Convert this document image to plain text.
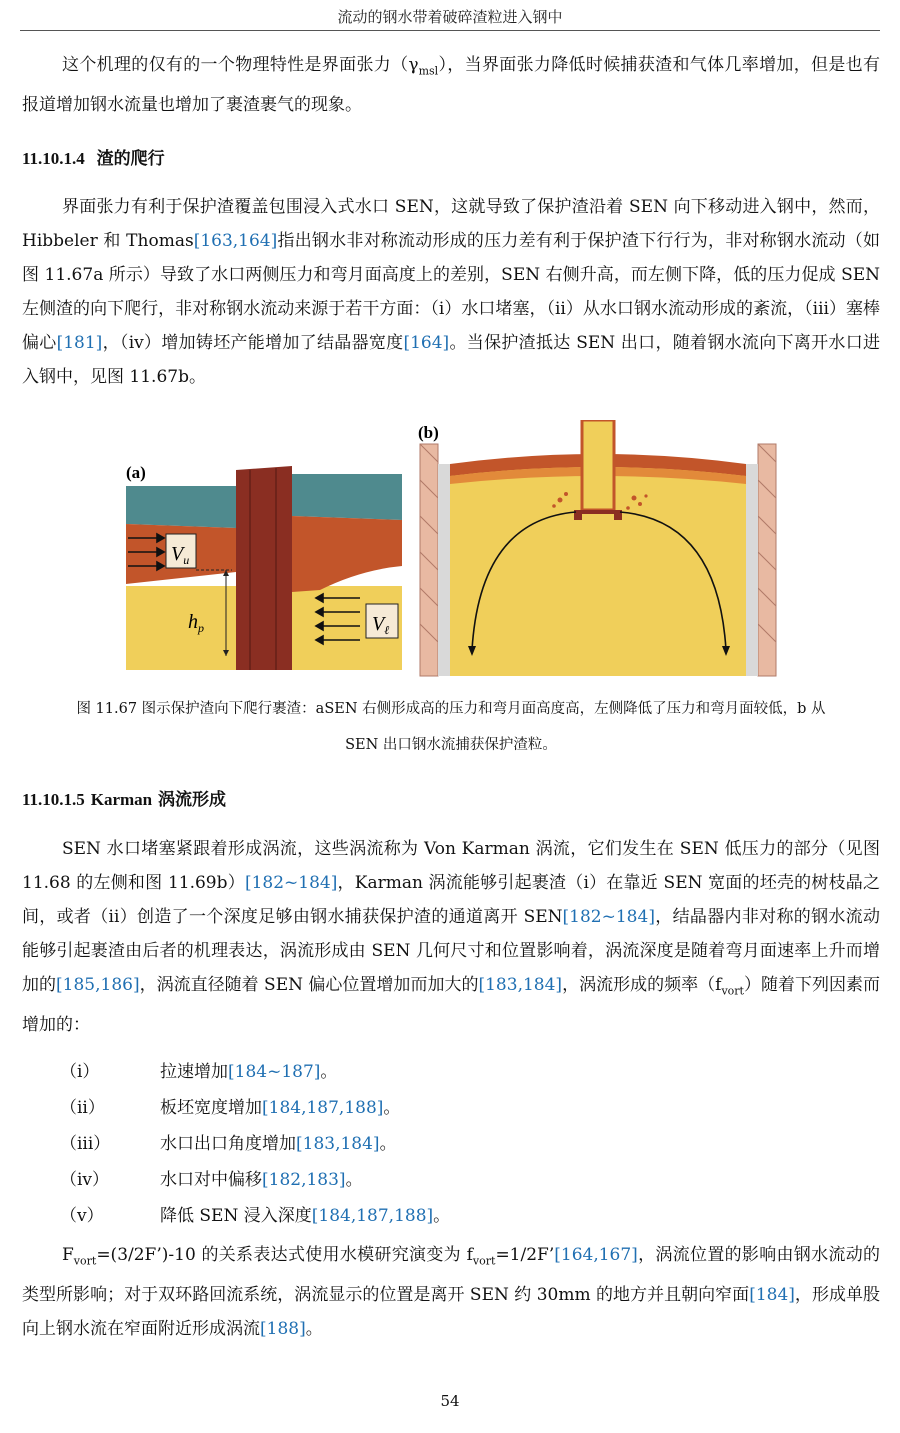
流动的钢水带着破碎渣粒进入钢中

这个机理的仅有的一个物理特性是界面张力$(\gamma_{msl})$，当界面张力降低时候捕获渣和气体几率增加，但是也有报道增加钢水流量也增加了裹渣裹气的现象。

11.10.1.4 渣的爬行

界面张力有利于保护渣覆盖包围浸入式水口 SEN，这就导致了保护渣沿着 SEN 向下移动进入钢中，然而，Hibbeler 和 Thomas[163,164]指出钢水非对称流动形成的压力差有利于保护渣下行行为，非对称钢水流动（如图 11.67a 所示）导致了水口两侧压力和弯月面高度上的差别，SEN 右侧升高，而左侧下降，低的压力促成 SEN 左侧渣的向下爬行，非对称钢水流动来源于若干方面：（i）水口堵塞，（ii）从水口钢水流动形成的紊流，（iii）塞棒偏心[181]，（iv）增加铸坯产能增加了结晶器宽度[164]。当保护渣抵达 SEN 出口，随着钢水流向下离开水口进入钢中，见图 11.67b。

(a)
$V_u$
$h_p$	$V_\ell$
(b)
图 11.67 图示保护渣向下爬行裹渣：aSEN 右侧形成高的压力和弯月面高度高，左侧降低了压力和弯月面较低，b 从
SEN 出口钢水流捕获保护渣粒。
11.10.1.5 Karman 涡流形成

SEN 水口堵塞紧跟着形成涡流，这些涡流称为 Von Karman 涡流，它们发生在 SEN 低压力的部分（见图 11.68 的左侧和图 11.69b）[182~184]，Karman 涡流能够引起裹渣（i）在靠近 SEN 宽面的坯壳的树枝晶之间，或者（ii）创造了一个深度足够由钢水捕获保护渣的通道离开 SEN[182~184]，结晶器内非对称的钢水流动能够引起裹渣由后者的机理表达，涡流形成由 SEN 几何尺寸和位置影响着，涡流深度是随着弯月面速率上升而增加的[185,186]，涡流直径随着 SEN 偏心位置增加而加大的[183,184]，涡流形成的频率$(f_{vort})$随着下列因素而增加的：

（i）	拉速增加[184~187]。
（ii）	板坯宽度增加[184,187,188]。
（iii）	水口出口角度增加[183,184]。
（iv）	水口对中偏移[182,183]。
（v）	降低 SEN 浸入深度[184,187,188]。

$F_{vort}=(3/2F’)-10$ 的关系表达式使用水模研究演变为 $f_{vort}=1/2F’[164,167]$，涡流位置的影响由钢水流动的类型所影响；对于双环路回流系统，涡流显示的位置是离开 SEN 约 30mm 的地方并且朝向窄面[184]，形成单股向上钢水流在窄面附近形成涡流[188]。

54
